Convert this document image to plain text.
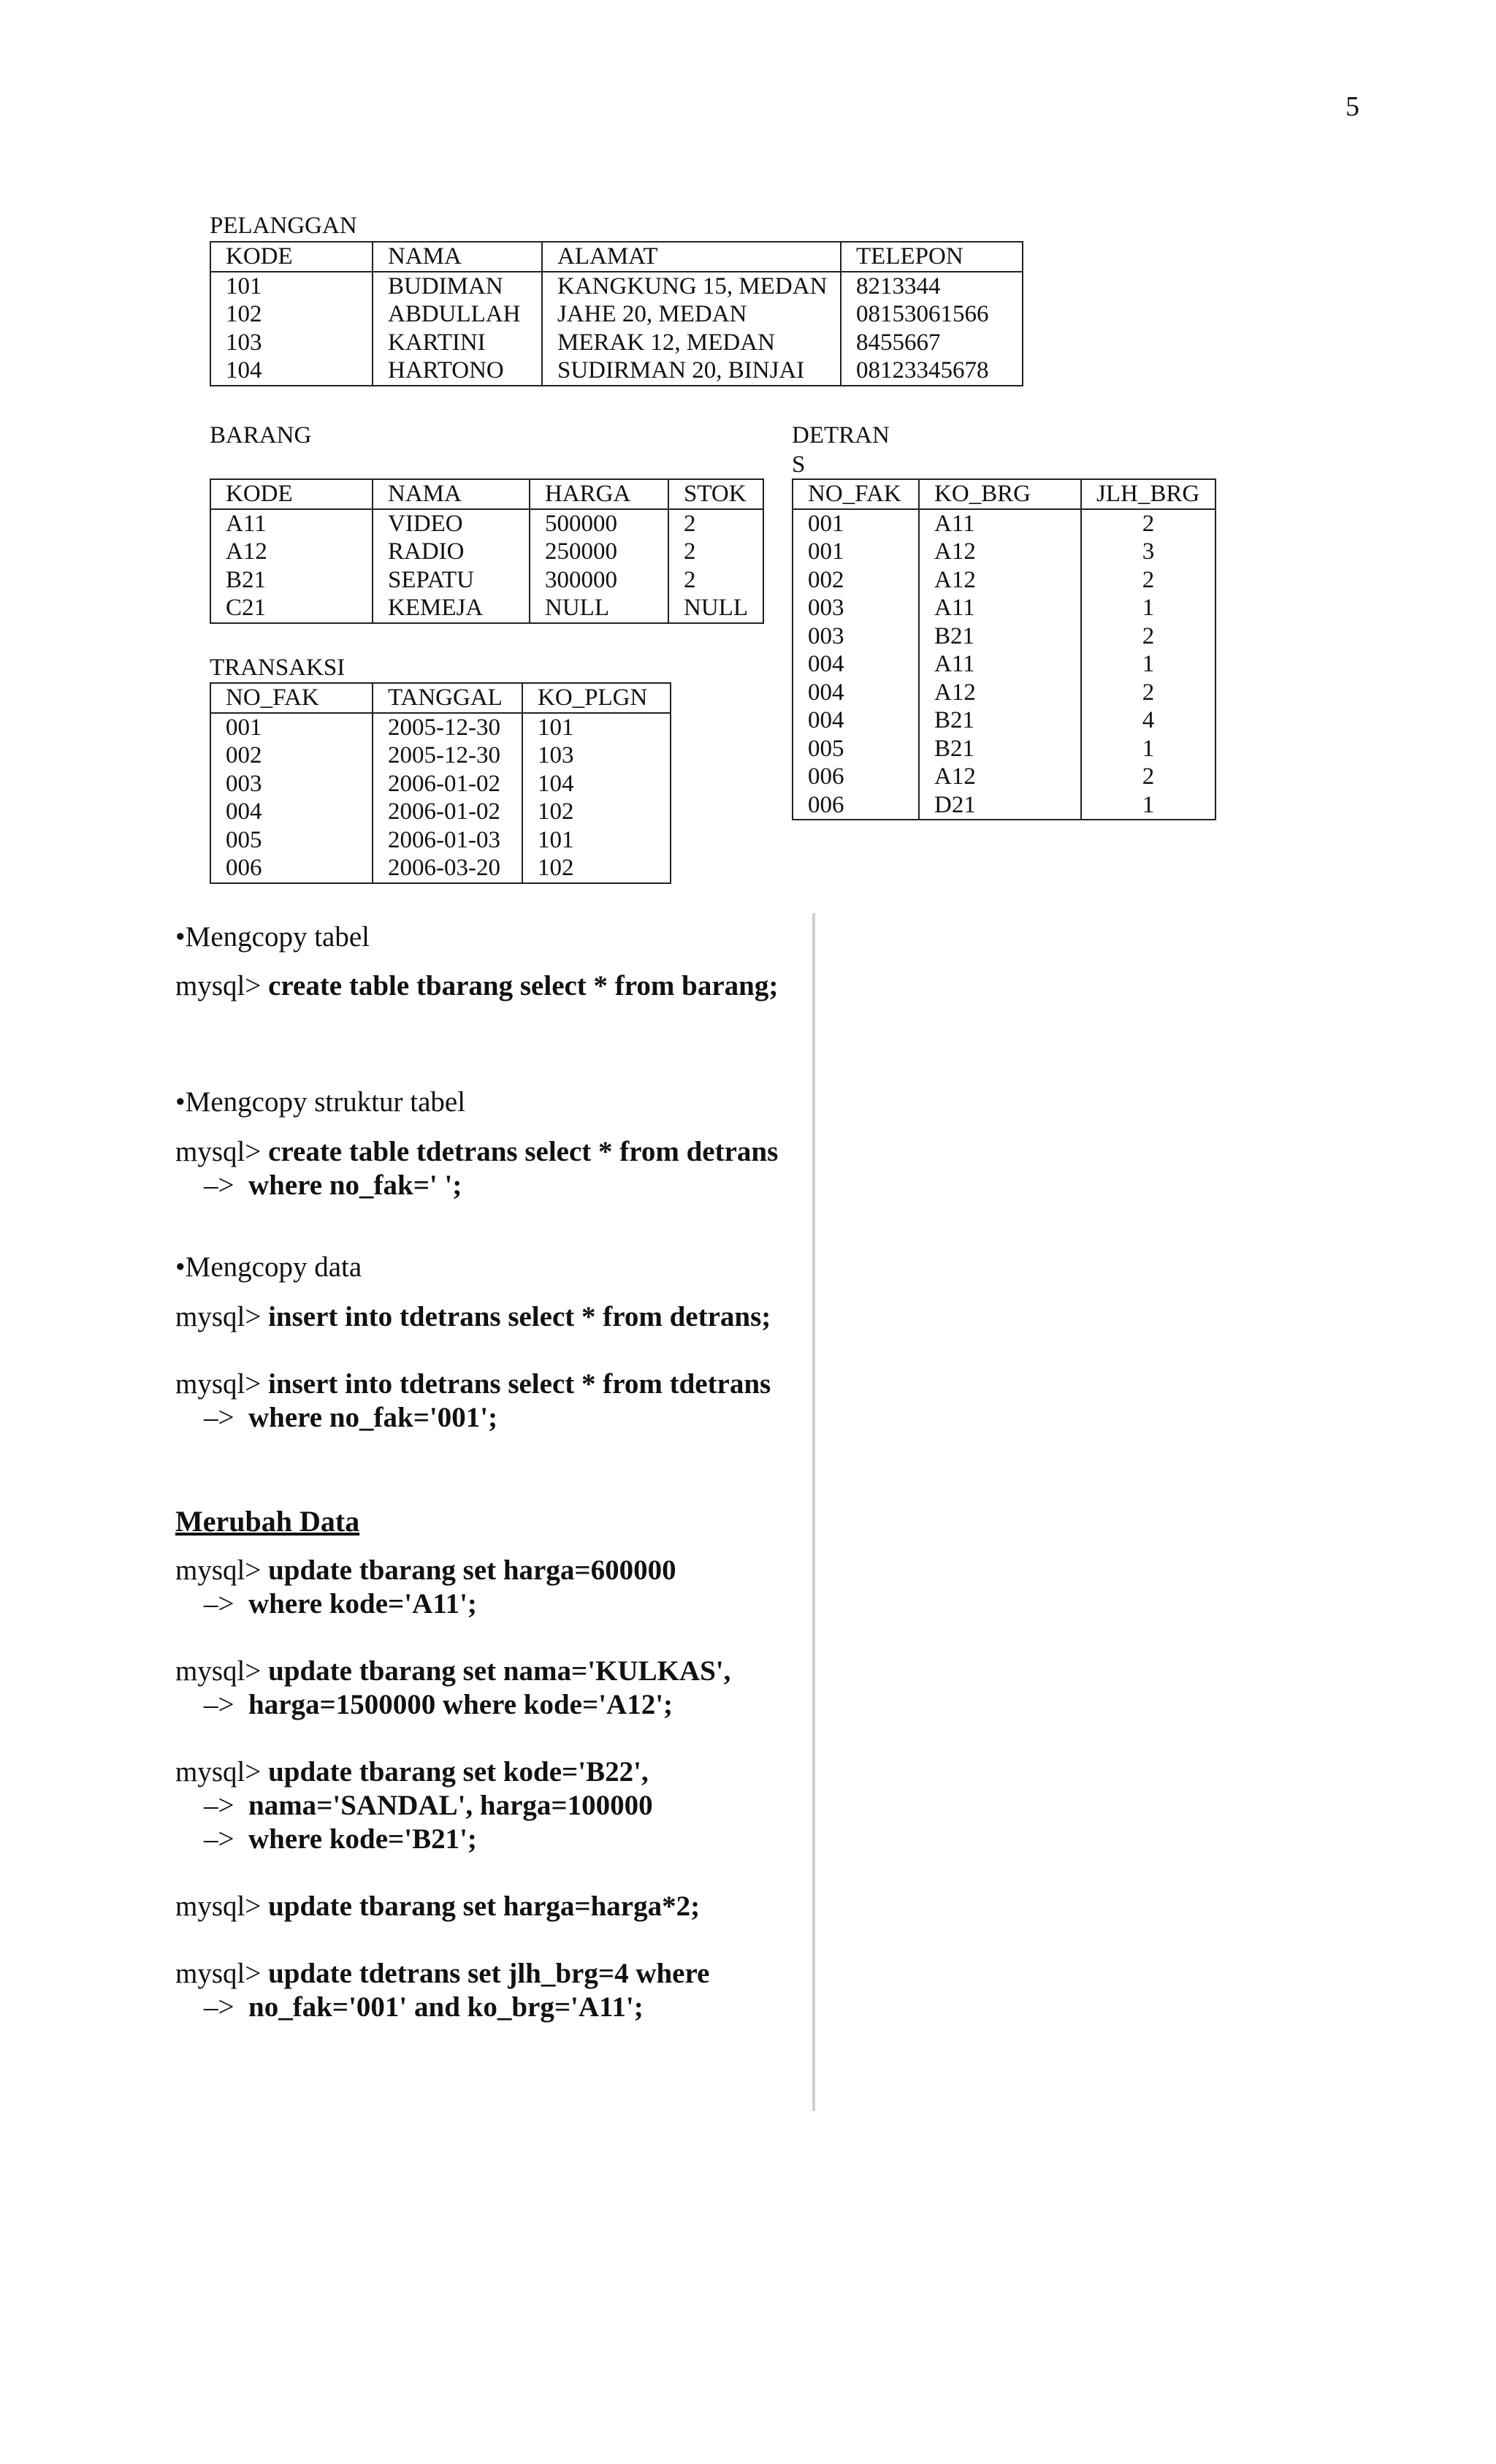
5
PELANGGAN
KODE	NAMA	ALAMAT	TELEPON
101	BUDIMAN	KANGKUNG 15, MEDAN	8213344
102	ABDULLAH	JAHE 20, MEDAN	08153061566
103	KARTINI	MERAK 12, MEDAN	8455667
104	HARTONO	SUDIRMAN 20, BINJAI	08123345678
BARANG
KODE	NAMA	HARGA	STOK
A11	VIDEO	500000	2
A12	RADIO	250000	2
B21	SEPATU	300000	2
C21	KEMEJA	NULL	NULL
TRANSAKSI
NO_FAK	TANGGAL	KO_PLGN
001	2005-12-30	101
002	2005-12-30	103
003	2006-01-02	104
004	2006-01-02	102
005	2006-01-03	101
006	2006-03-20	102
DETRAN
S
NO_FAK	KO_BRG	JLH_BRG
001	A11	2
001	A12	3
002	A12	2
003	A11	1
003	B21	2
004	A11	1
004	A12	2
004	B21	4
005	B21	1
006	A12	2
006	D21	1
•Mengcopy tabel
mysql> create table tbarang select * from barang;
•Mengcopy struktur tabel
mysql> create table tdetrans select * from detrans
–>  where no_fak=' ';
•Mengcopy data
mysql> insert into tdetrans select * from detrans;
mysql> insert into tdetrans select * from tdetrans
–>  where no_fak='001';
Merubah Data
mysql> update tbarang set harga=600000
–>  where kode='A11';
mysql> update tbarang set nama='KULKAS',
–>  harga=1500000 where kode='A12';
mysql> update tbarang set kode='B22',
–>  nama='SANDAL', harga=100000
–>  where kode='B21';
mysql> update tbarang set harga=harga*2;
mysql> update tdetrans set jlh_brg=4 where
–>  no_fak='001' and ko_brg='A11';
